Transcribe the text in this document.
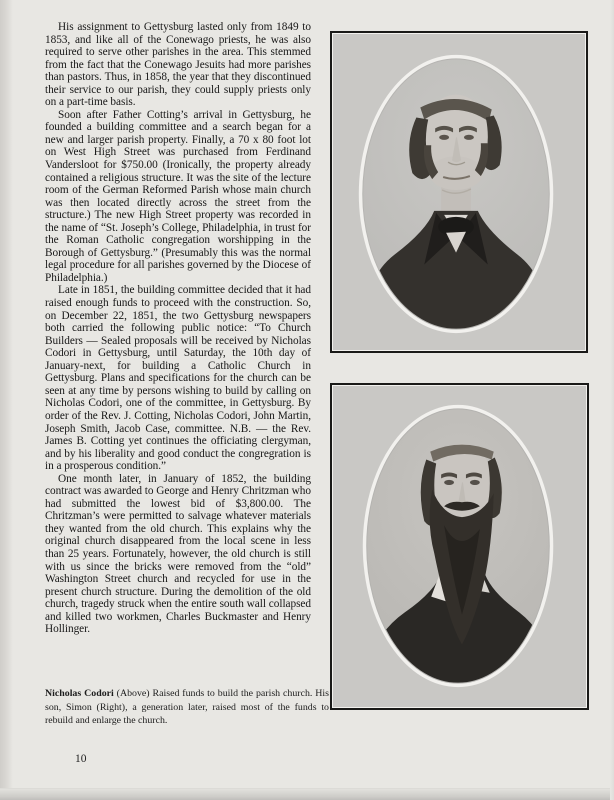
His assignment to Gettysburg lasted only from 1849 to 1853, and like all of the Conewago priests, he was also required to serve other parishes in the area. This stemmed from the fact that the Conewago Jesuits had more parishes than pastors. Thus, in 1858, the year that they discontinued their service to our parish, they could supply priests only on a part-time basis.

Soon after Father Cotting’s arrival in Gettysburg, he founded a building committee and a search began for a new and larger parish property. Finally, a 70 x 80 foot lot on West High Street was purchased from Ferdinand Vandersloot for $750.00 (Ironically, the property already contained a religious structure. It was the site of the lecture room of the German Reformed Parish whose main church was then located directly across the street from the structure.) The new High Street property was recorded in the name of “St. Joseph’s College, Philadelphia, in trust for the Roman Catholic congregation worshipping in the Borough of Gettysburg.” (Presumably this was the normal legal procedure for all parishes governed by the Diocese of Philadelphia.)

Late in 1851, the building committee decided that it had raised enough funds to proceed with the construction. So, on December 22, 1851, the two Gettysburg newspapers both carried the following public notice: “To Church Builders — Sealed proposals will be received by Nicholas Codori in Gettysburg, until Saturday, the 10th day of January-next, for building a Catholic Church in Gettysburg. Plans and specifications for the church can be seen at any time by persons wishing to build by calling on Nicholas Codori, one of the committee, in Gettysburg. By order of the Rev. J. Cotting, Nicholas Codori, John Martin, Joseph Smith, Jacob Case, committee. N.B. — the Rev. James B. Cotting yet continues the officiating clergyman, and by his liberality and good conduct the congregration is in a prosperous condition.”

One month later, in January of 1852, the building contract was awarded to George and Henry Chritzman who had submitted the lowest bid of $3,800.00. The Chritzman’s were permitted to salvage whatever materials they wanted from the old church. This explains why the original church disappeared from the local scene in less than 25 years. Fortunately, however, the old church is still with us since the bricks were removed from the “old” Washington Street church and recycled for use in the present church structure. During the demolition of the old church, tragedy struck when the entire south wall collapsed and killed two workmen, Charles Buckmaster and Henry Hollinger.

Nicholas Codori (Above) Raised funds to build the parish church. His son, Simon (Right), a generation later, raised most of the funds to rebuild and enlarge the church.
10
